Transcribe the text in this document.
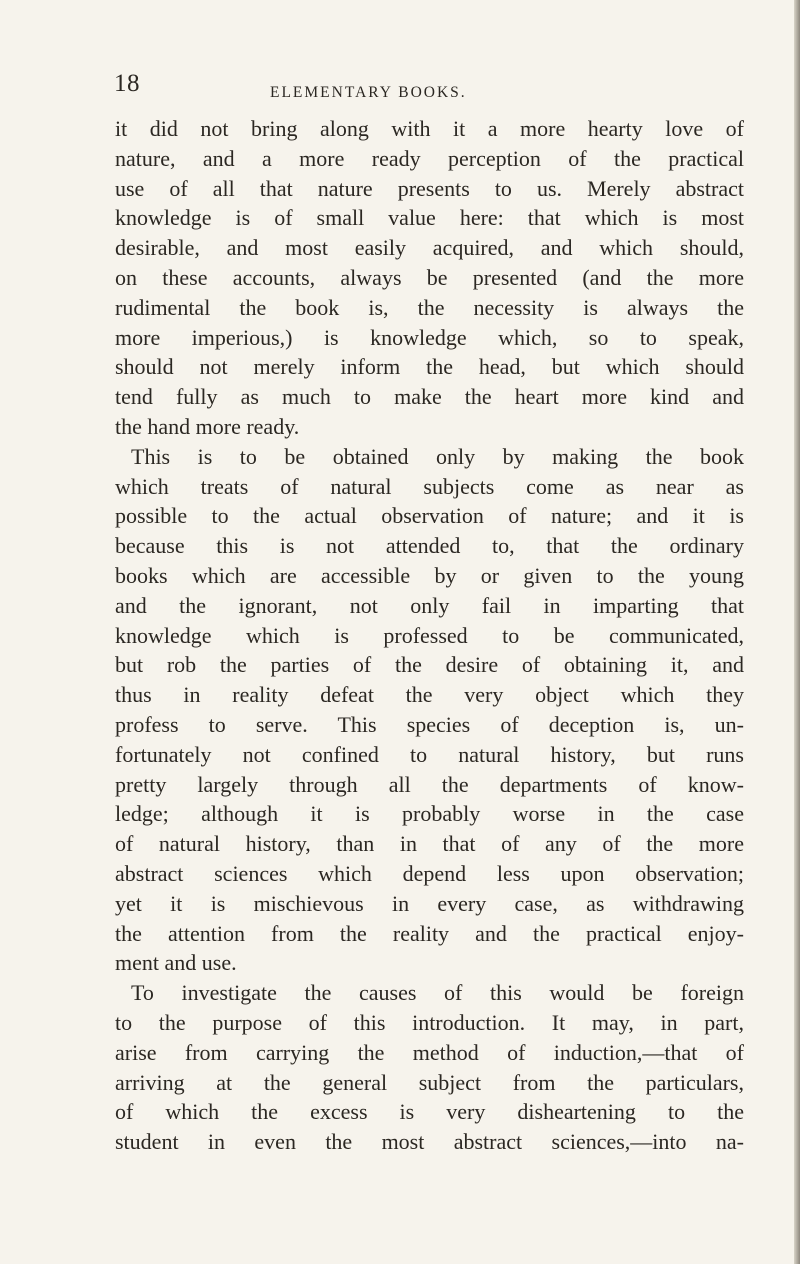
18	ELEMENTARY BOOKS.
it did not bring along with it a more hearty love of
nature, and a more ready perception of the practical
use of all that nature presents to us. Merely abstract
knowledge is of small value here: that which is most
desirable, and most easily acquired, and which should,
on these accounts, always be presented (and the more
rudimental the book is, the necessity is always the
more imperious,) is knowledge which, so to speak,
should not merely inform the head, but which should
tend fully as much to make the heart more kind and
the hand more ready.
This is to be obtained only by making the book
which treats of natural subjects come as near as
possible to the actual observation of nature; and it is
because this is not attended to, that the ordinary
books which are accessible by or given to the young
and the ignorant, not only fail in imparting that
knowledge which is professed to be communicated,
but rob the parties of the desire of obtaining it, and
thus in reality defeat the very object which they
profess to serve. This species of deception is, un-
fortunately not confined to natural history, but runs
pretty largely through all the departments of know-
ledge; although it is probably worse in the case
of natural history, than in that of any of the more
abstract sciences which depend less upon observation;
yet it is mischievous in every case, as withdrawing
the attention from the reality and the practical enjoy-
ment and use.
To investigate the causes of this would be foreign
to the purpose of this introduction. It may, in part,
arise from carrying the method of induction,—that of
arriving at the general subject from the particulars,
of which the excess is very disheartening to the
student in even the most abstract sciences,—into na-
